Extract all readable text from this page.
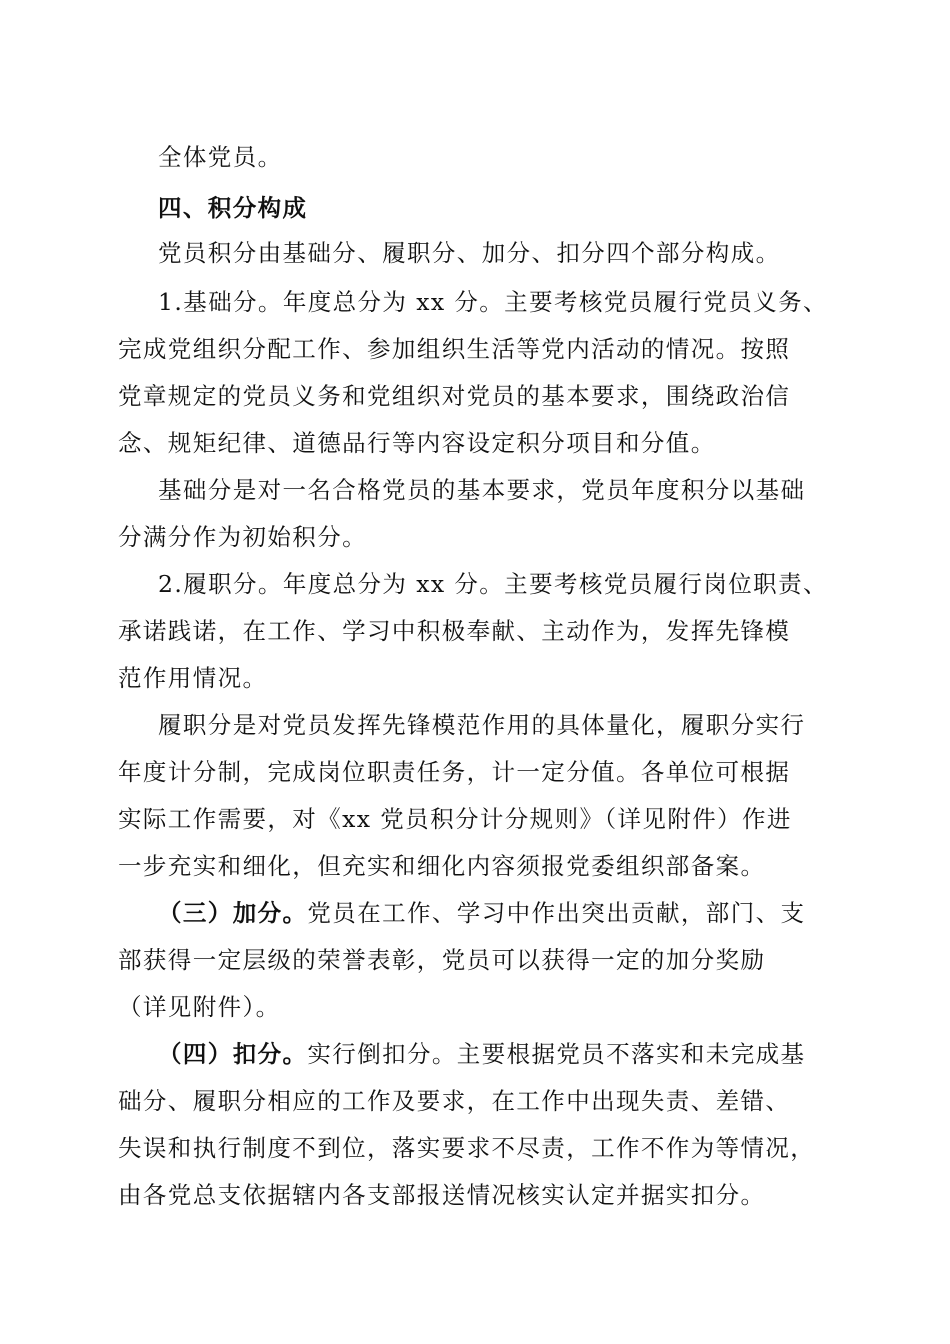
全体党员。
四、积分构成
党员积分由基础分、履职分、加分、扣分四个部分构成。
1.基础分。年度总分为 xx 分。主要考核党员履行党员义务、
完成党组织分配工作、参加组织生活等党内活动的情况。按照
党章规定的党员义务和党组织对党员的基本要求，围绕政治信
念、规矩纪律、道德品行等内容设定积分项目和分值。
基础分是对一名合格党员的基本要求，党员年度积分以基础
分满分作为初始积分。
2.履职分。年度总分为 xx 分。主要考核党员履行岗位职责、
承诺践诺，在工作、学习中积极奉献、主动作为，发挥先锋模
范作用情况。
履职分是对党员发挥先锋模范作用的具体量化，履职分实行
年度计分制，完成岗位职责任务，计一定分值。各单位可根据
实际工作需要，对《xx 党员积分计分规则》（详见附件）作进
一步充实和细化，但充实和细化内容须报党委组织部备案。
（三）加分。党员在工作、学习中作出突出贡献，部门、支
部获得一定层级的荣誉表彰，党员可以获得一定的加分奖励
（详见附件）。
（四）扣分。实行倒扣分。主要根据党员不落实和未完成基
础分、履职分相应的工作及要求，在工作中出现失责、差错、
失误和执行制度不到位，落实要求不尽责，工作不作为等情况，
由各党总支依据辖内各支部报送情况核实认定并据实扣分。
